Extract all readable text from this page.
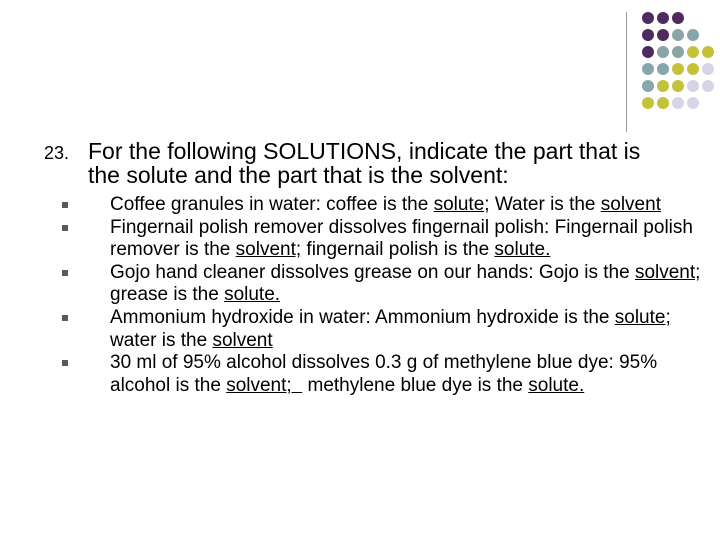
23. For the following SOLUTIONS, indicate the part that is the solute and the part that is the solvent:
Coffee granules in water: coffee is the solute; Water is the solvent
Fingernail polish remover dissolves fingernail polish: Fingernail polish remover is the solvent; fingernail polish is the solute.
Gojo hand cleaner dissolves grease on our hands: Gojo is the solvent; grease is the solute.
Ammonium hydroxide in water: Ammonium hydroxide is the solute; water is the solvent
30 ml of 95% alcohol dissolves 0.3 g of methylene blue dye: 95% alcohol is the solvent;   methylene blue dye is the solute.
